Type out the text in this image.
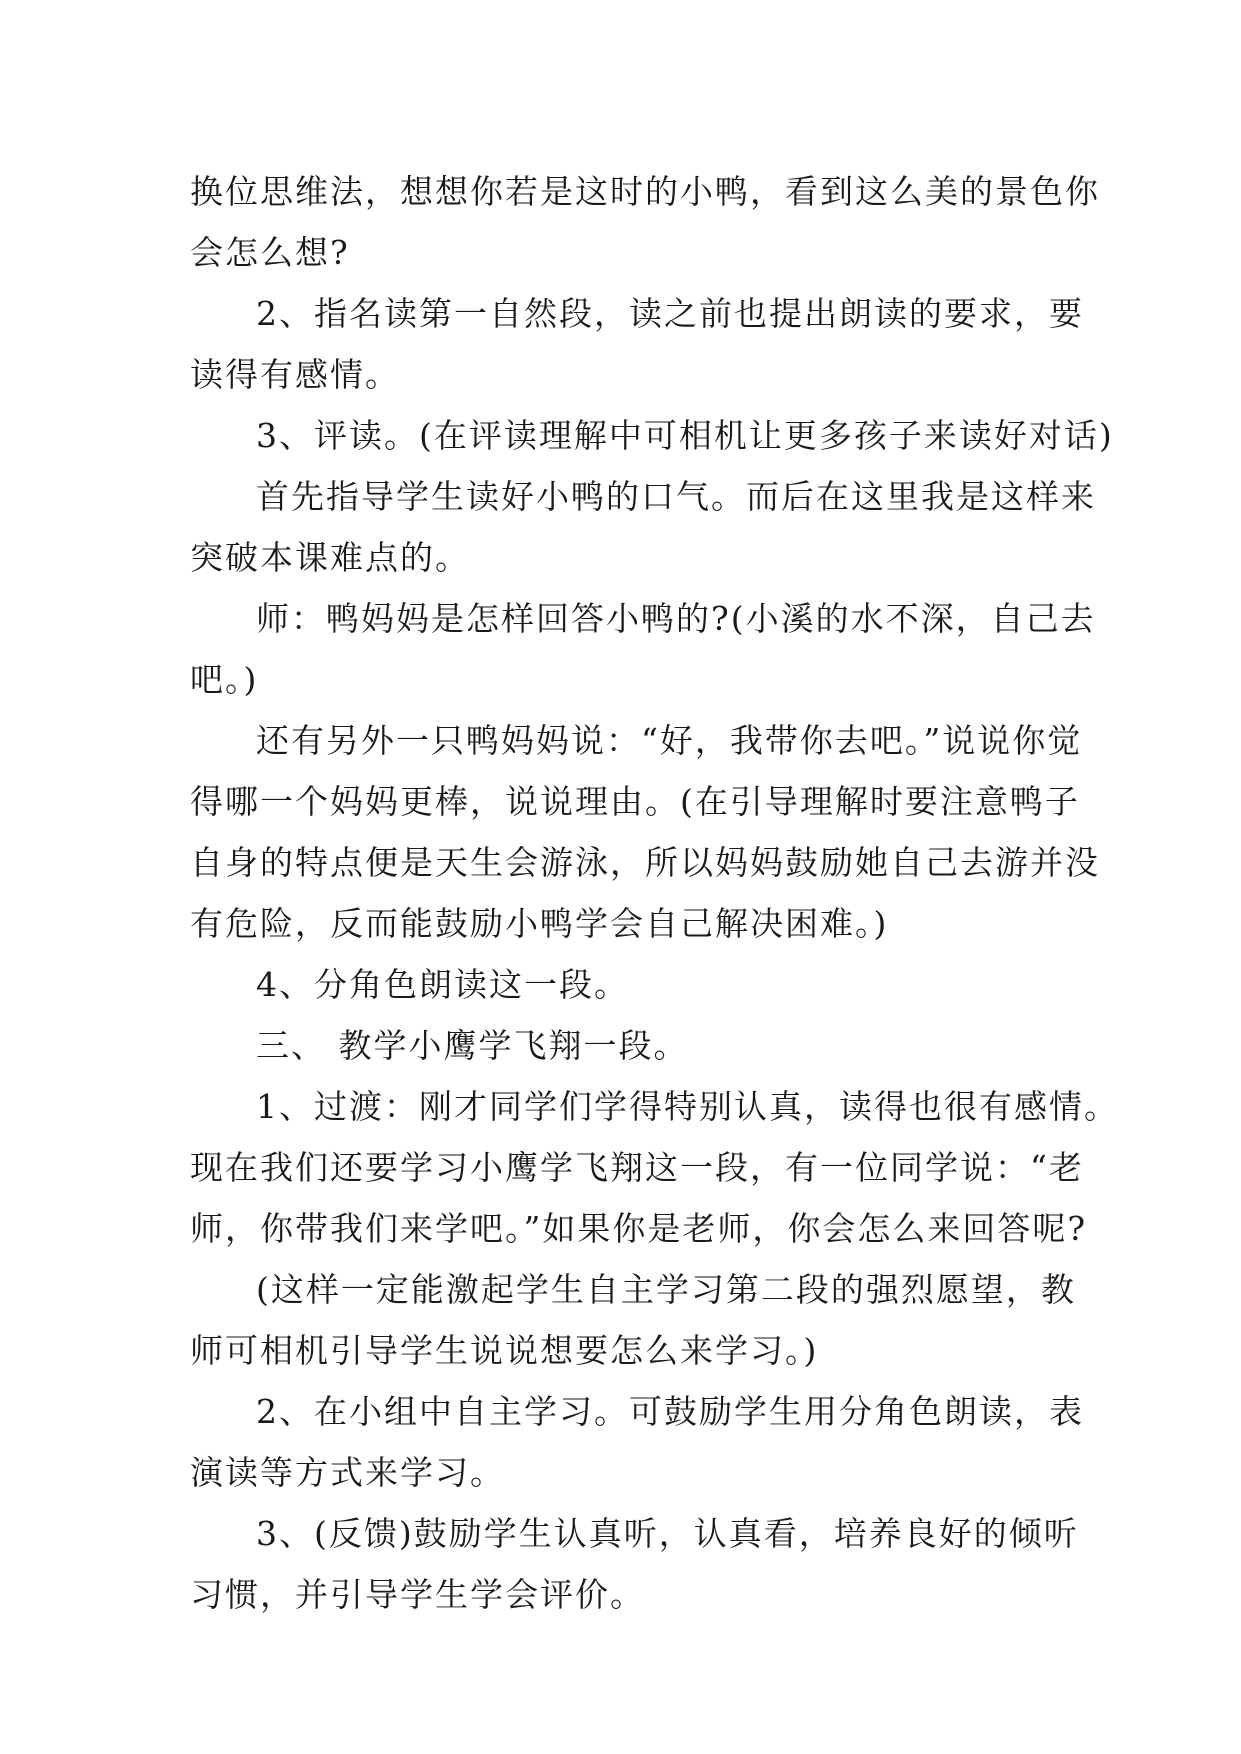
换位思维法，想想你若是这时的小鸭，看到这么美的景色你
会怎么想?
2、指名读第一自然段，读之前也提出朗读的要求，要
读得有感情。
3、评读。(在评读理解中可相机让更多孩子来读好对话)
首先指导学生读好小鸭的口气。而后在这里我是这样来
突破本课难点的。
师：鸭妈妈是怎样回答小鸭的?(小溪的水不深，自己去
吧。)
还有另外一只鸭妈妈说：“好，我带你去吧。”说说你觉
得哪一个妈妈更棒，说说理由。(在引导理解时要注意鸭子
自身的特点便是天生会游泳，所以妈妈鼓励她自己去游并没
有危险，反而能鼓励小鸭学会自己解决困难。)
4、分角色朗读这一段。
三、 教学小鹰学飞翔一段。
1、过渡：刚才同学们学得特别认真，读得也很有感情。
现在我们还要学习小鹰学飞翔这一段，有一位同学说：“老
师，你带我们来学吧。”如果你是老师，你会怎么来回答呢?
(这样一定能激起学生自主学习第二段的强烈愿望，教
师可相机引导学生说说想要怎么来学习。)
2、在小组中自主学习。可鼓励学生用分角色朗读，表
演读等方式来学习。
3、(反馈)鼓励学生认真听，认真看，培养良好的倾听
习惯，并引导学生学会评价。
